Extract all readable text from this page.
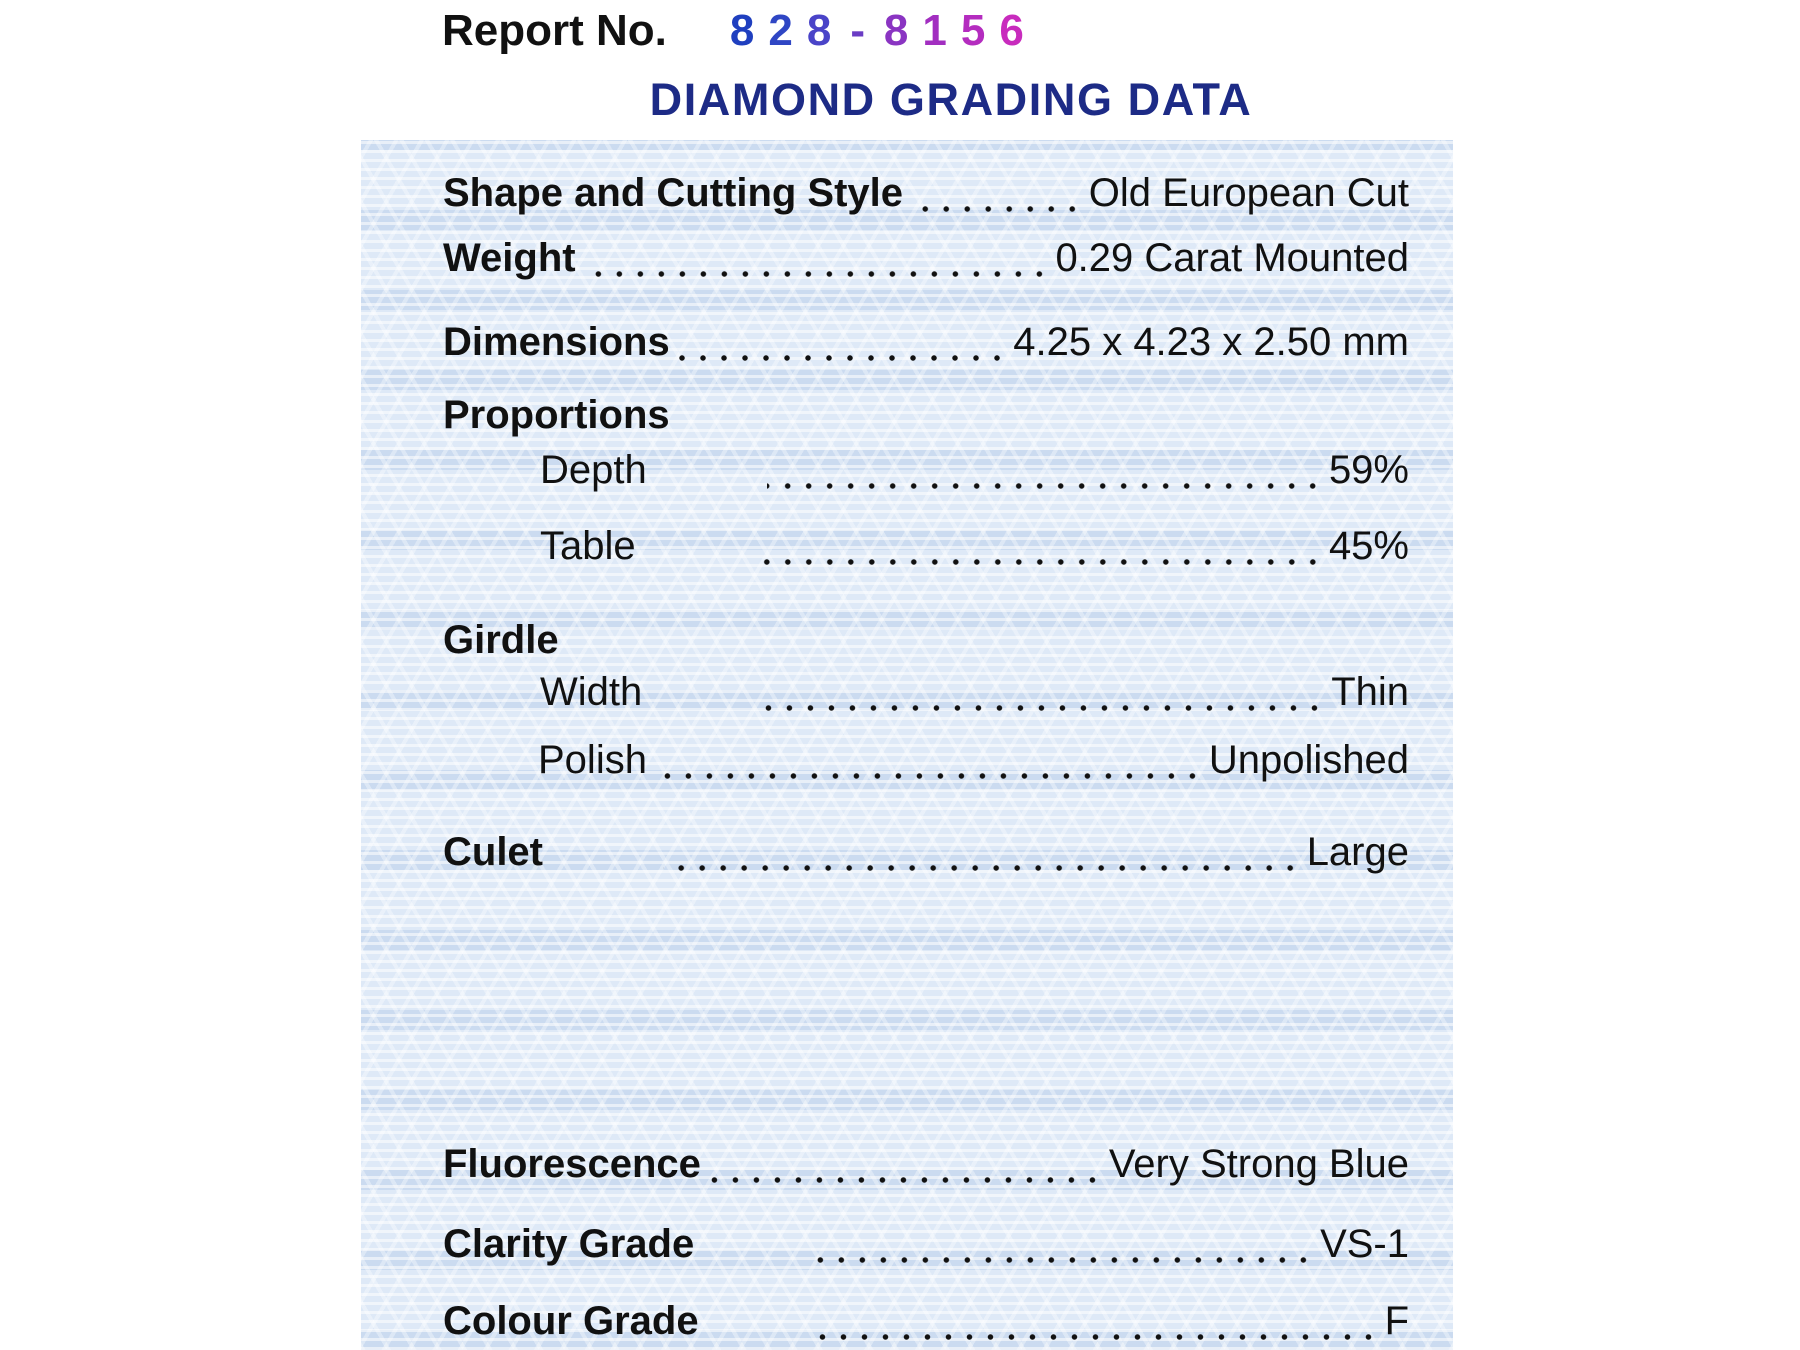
Report No. 8 2 8 - 8 1 5 6
DIAMOND GRADING DATA
Shape and Cutting Style	Old European Cut
Weight	0.29 Carat Mounted
Dimensions	4.25 x 4.23 x 2.50 mm
Proportions
Depth	59%
Table	45%
Girdle
Width	Thin
Polish	Unpolished
Culet	Large
Fluorescence	Very Strong Blue
Clarity Grade	VS-1
Colour Grade	F
